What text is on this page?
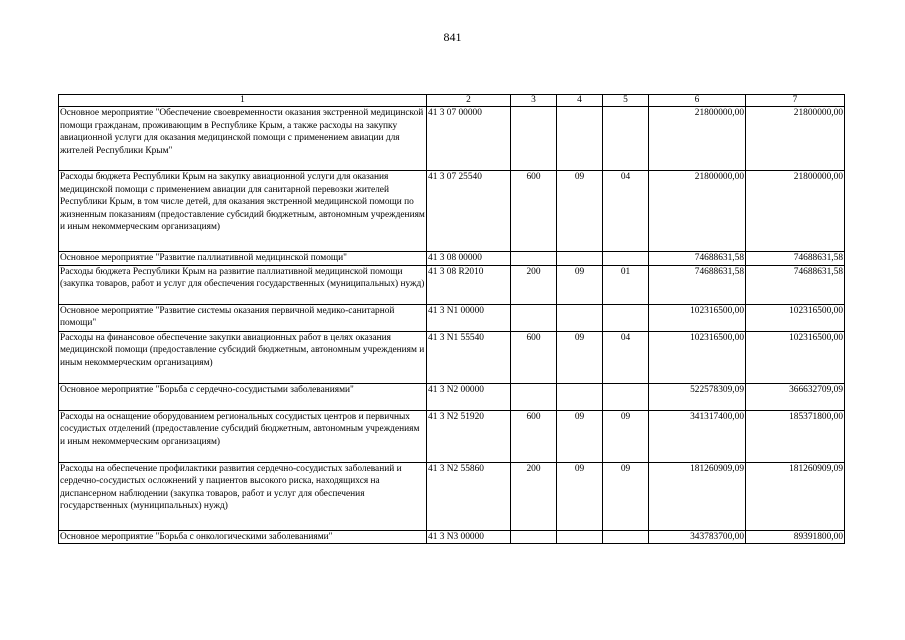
841
1	2	3	4	5	6	7
Основное мероприятие "Обеспечение своевременности оказания экстренной медицинской помощи гражданам, проживающим в Республике Крым, а также расходы на закупку авиационной услуги для оказания медицинской помощи с применением авиации для жителей Республики Крым"	41 3 07 00000				21800000,00	21800000,00
Расходы бюджета Республики Крым на закупку авиационной услуги для оказания медицинской помощи с применением авиации для санитарной перевозки жителей Республики Крым, в том числе детей, для оказания экстренной медицинской помощи по жизненным показаниям (предоставление субсидий бюджетным, автономным учреждениям и иным некоммерческим организациям)	41 3 07 25540	600	09	04	21800000,00	21800000,00
Основное мероприятие "Развитие паллиативной медицинской помощи"	41 3 08 00000				74688631,58	74688631,58
Расходы бюджета Республики Крым на развитие паллиативной медицинской помощи (закупка товаров, работ и услуг для обеспечения государственных (муниципальных) нужд)	41 3 08 R2010	200	09	01	74688631,58	74688631,58
Основное мероприятие "Развитие системы оказания первичной медико-санитарной помощи"	41 3 N1 00000				102316500,00	102316500,00
Расходы на финансовое обеспечение закупки авиационных работ в целях оказания медицинской помощи (предоставление субсидий бюджетным, автономным учреждениям и иным некоммерческим организациям)	41 3 N1 55540	600	09	04	102316500,00	102316500,00
Основное мероприятие "Борьба с сердечно-сосудистыми заболеваниями"	41 3 N2 00000				522578309,09	366632709,09
Расходы на оснащение оборудованием региональных сосудистых центров и первичных сосудистых отделений (предоставление субсидий бюджетным, автономным учреждениям и иным некоммерческим организациям)	41 3 N2 51920	600	09	09	341317400,00	185371800,00
Расходы на обеспечение профилактики развития сердечно-сосудистых заболеваний и сердечно-сосудистых осложнений у пациентов высокого риска, находящихся на диспансерном наблюдении (закупка товаров, работ и услуг для обеспечения государственных (муниципальных) нужд)	41 3 N2 55860	200	09	09	181260909,09	181260909,09
Основное мероприятие "Борьба с онкологическими заболеваниями"	41 3 N3 00000				343783700,00	89391800,00
